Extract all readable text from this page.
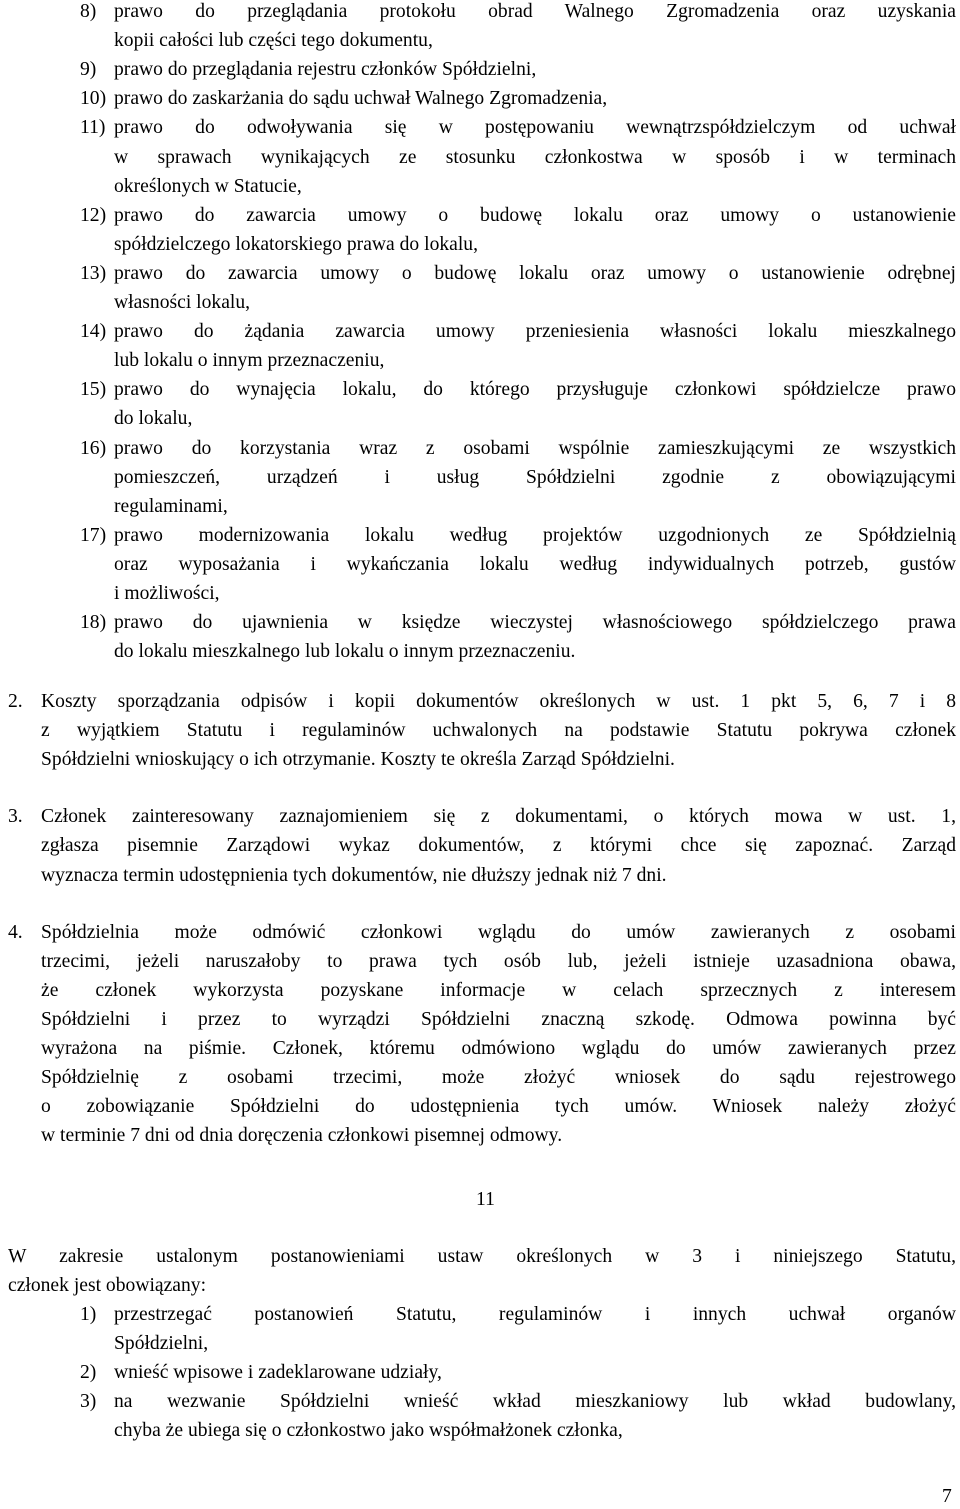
8) prawo do przeglądania protokołu obrad Walnego Zgromadzenia oraz uzyskania
kopii całości lub części tego dokumentu,
9) prawo do przeglądania rejestru członków Spółdzielni,
10) prawo do zaskarżania do sądu uchwał Walnego Zgromadzenia,
11) prawo do odwoływania się w postępowaniu wewnątrzspółdzielczym od uchwał
w sprawach wynikających ze stosunku członkostwa w sposób i w terminach
określonych w Statucie,
12) prawo do zawarcia umowy o budowę lokalu oraz umowy o ustanowienie
spółdzielczego lokatorskiego prawa do lokalu,
13) prawo do zawarcia umowy o budowę lokalu oraz umowy o ustanowienie odrębnej
własności lokalu,
14) prawo do żądania zawarcia umowy przeniesienia własności lokalu mieszkalnego
lub lokalu o innym przeznaczeniu,
15) prawo do wynajęcia lokalu, do którego przysługuje członkowi spółdzielcze prawo
do lokalu,
16) prawo do korzystania wraz z osobami wspólnie zamieszkującymi ze wszystkich
pomieszczeń, urządzeń i usług Spółdzielni zgodnie z obowiązującymi
regulaminami,
17) prawo modernizowania lokalu według projektów uzgodnionych ze Spółdzielnią
oraz wyposażania i wykańczania lokalu według indywidualnych potrzeb, gustów
i możliwości,
18) prawo do ujawnienia w księdze wieczystej własnościowego spółdzielczego prawa
do lokalu mieszkalnego lub lokalu o innym przeznaczeniu.
2. Koszty sporządzania odpisów i kopii dokumentów określonych w ust. 1 pkt 5, 6, 7 i 8
z wyjątkiem Statutu i regulaminów uchwalonych na podstawie Statutu pokrywa członek
Spółdzielni wnioskujący o ich otrzymanie. Koszty te określa Zarząd Spółdzielni.
3. Członek zainteresowany zaznajomieniem się z dokumentami, o których mowa w ust. 1,
zgłasza pisemnie Zarządowi wykaz dokumentów, z którymi chce się zapoznać. Zarząd
wyznacza termin udostępnienia tych dokumentów, nie dłuższy jednak niż 7 dni.
4. Spółdzielnia może odmówić członkowi wglądu do umów zawieranych z osobami
trzecimi, jeżeli naruszałoby to prawa tych osób lub, jeżeli istnieje uzasadniona obawa,
że członek wykorzysta pozyskane informacje w celach sprzecznych z interesem
Spółdzielni i przez to wyrządzi Spółdzielni znaczną szkodę. Odmowa powinna być
wyrażona na piśmie. Członek, któremu odmówiono wglądu do umów zawieranych przez
Spółdzielnię z osobami trzecimi, może złożyć wniosek do sądu rejestrowego
o zobowiązanie Spółdzielni do udostępnienia tych umów. Wniosek należy złożyć
w terminie 7 dni od dnia doręczenia członkowi pisemnej odmowy.
11
W zakresie ustalonym postanowieniami ustaw określonych w 3 i niniejszego Statutu,
członek jest obowiązany:
1) przestrzegać postanowień Statutu, regulaminów i innych uchwał organów
Spółdzielni,
2) wnieść wpisowe i zadeklarowane udziały,
3) na wezwanie Spółdzielni wnieść wkład mieszkaniowy lub wkład budowlany,
chyba że ubiega się o członkostwo jako współmałżonek członka,
7
